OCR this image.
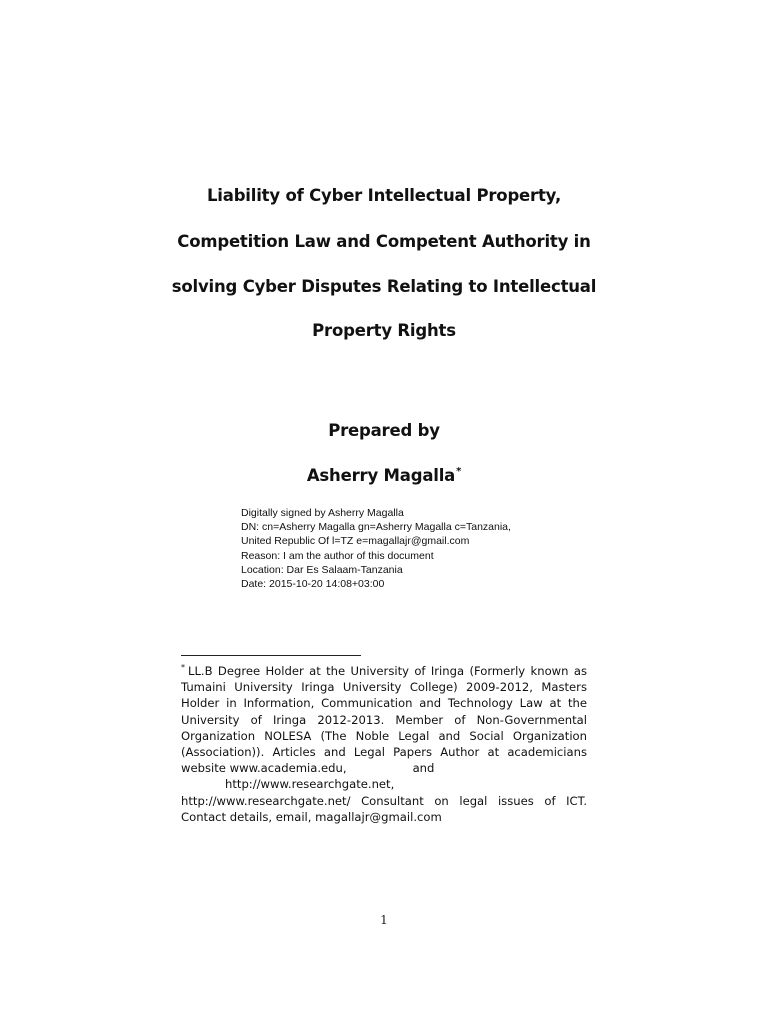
Liability of Cyber Intellectual Property,
Competition Law and Competent Authority in
solving Cyber Disputes Relating to Intellectual
Property Rights
Prepared by
Asherry Magalla*
Digitally signed by Asherry Magalla
DN: cn=Asherry Magalla gn=Asherry Magalla c=Tanzania,
United Republic Of l=TZ e=magallajr@gmail.com
Reason: I am the author of this document
Location: Dar Es Salaam-Tanzania
Date: 2015-10-20 14:08+03:00
* LL.B Degree Holder at the University of Iringa (Formerly known as
Tumaini University Iringa University College) 2009-2012, Masters
Holder in Information, Communication and Technology Law at the
University of Iringa 2012-2013. Member of Non-Governmental
Organization NOLESA (The Noble Legal and Social Organization
(Association)). Articles and Legal Papers Author at academicians
website www.academia.edu,	and
http://www.researchgate.net,
http://www.researchgate.net/ Consultant on legal issues of ICT.
Contact details, email, magallajr@gmail.com
1
